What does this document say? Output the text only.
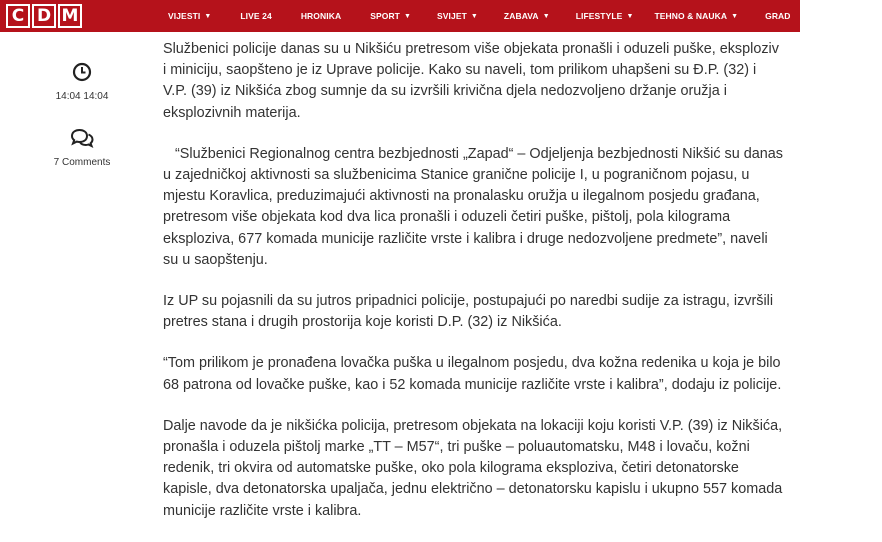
C D M	VIJESTI ▼	LIVE 24	HRONIKA	SPORT ▼	SVIJET ▼	ZABAVA ▼	LIFESTYLE ▼ TEHNO & NAUKA ▼	GRAD	AUTO-MOTO ▼
14:04 14:04
7 Comments

Službenici policije danas su u Nikšiću pretresom više objekata pronašli i oduzeli puške, eksploziv i miniciju, saopšteno je iz Uprave policije. Kako su naveli, tom prilikom uhapšeni su Đ.P. (32) i V.P. (39) iz Nikšića zbog sumnje da su izvršili krivična djela nedozvoljeno držanje oružja i eksplozivnih materija.

“Službenici Regionalnog centra bezbjednosti „Zapad“ – Odjeljenja bezbjednosti Nikšić su danas u zajedničkoj aktivnosti sa službenicima Stanice granične policije I, u pograničnom pojasu, u mjestu Koravlica, preduzimajući aktivnosti na pronalasku oružja u ilegalnom posjedu građana, pretresom više objekata kod dva lica pronašli i oduzeli četiri puške, pištolj, pola kilograma eksploziva, 677 komada municije različite vrste i kalibra i druge nedozvoljene predmete”, naveli su u saopštenju.

Iz UP su pojasnili da su jutros pripadnici policije, postupajući po naredbi sudije za istragu, izvršili pretres stana i drugih prostorija koje koristi D.P. (32) iz Nikšića.

“Tom prilikom je pronađena lovačka puška u ilegalnom posjedu, dva kožna redenika u koja je bilo 68 patrona od lovačke puške, kao i 52 komada municije različite vrste i kalibra”, dodaju iz policije.

Dalje navode da je nikšićka policija, pretresom objekata na lokaciji koju koristi V.P. (39) iz Nikšića, pronašla i oduzela pištolj marke „TT – M57“, tri puške – poluautomatsku, M48 i lovaču, kožni redenik, tri okvira od automatske puške, oko pola kilograma eksploziva, četiri detonatorske kapisle, dva detonatorska upaljača, jednu električno – detonatorsku kapislu i ukupno 557 komada municije različite vrste i kalibra.
